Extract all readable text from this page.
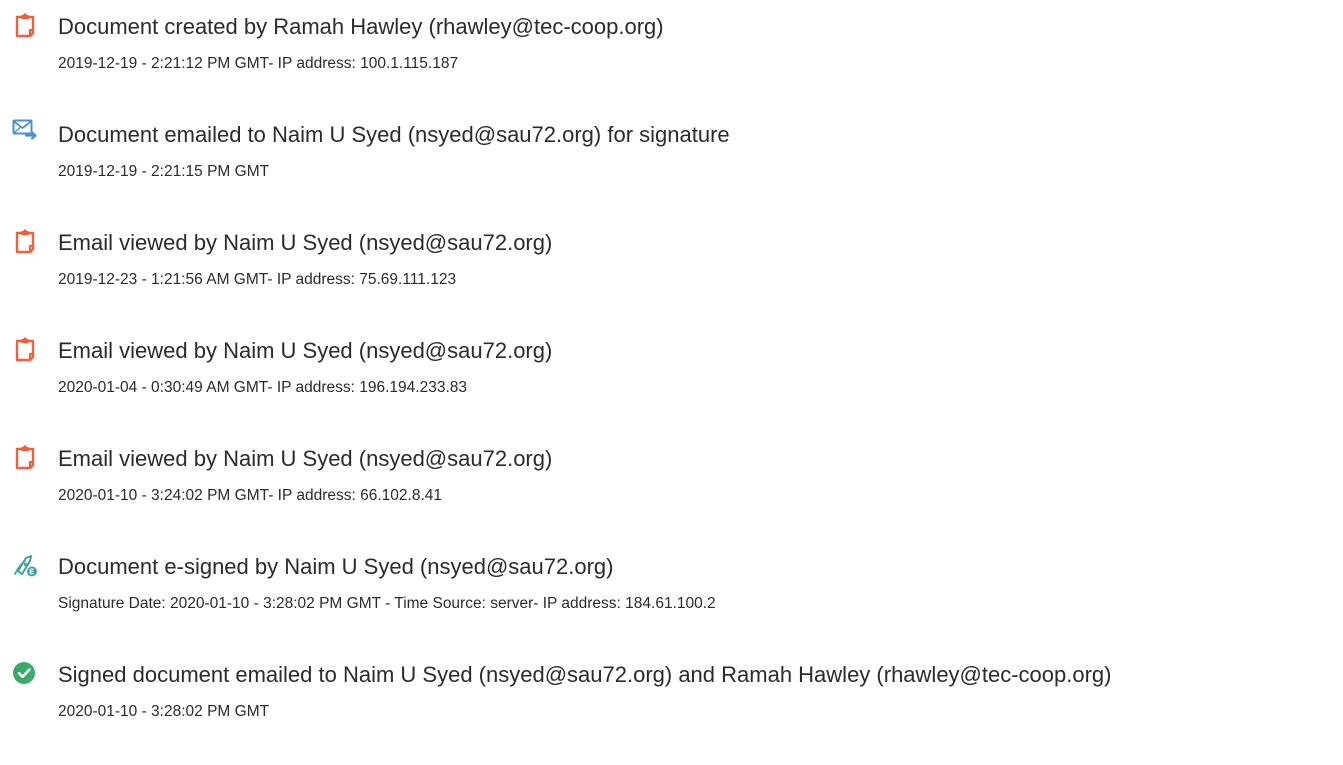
Document created by Ramah Hawley (rhawley@tec-coop.org)
2019-12-19 - 2:21:12 PM GMT- IP address: 100.1.115.187
Document emailed to Naim U Syed (nsyed@sau72.org) for signature
2019-12-19 - 2:21:15 PM GMT
Email viewed by Naim U Syed (nsyed@sau72.org)
2019-12-23 - 1:21:56 AM GMT- IP address: 75.69.111.123
Email viewed by Naim U Syed (nsyed@sau72.org)
2020-01-04 - 0:30:49 AM GMT- IP address: 196.194.233.83
Email viewed by Naim U Syed (nsyed@sau72.org)
2020-01-10 - 3:24:02 PM GMT- IP address: 66.102.8.41
Document e-signed by Naim U Syed (nsyed@sau72.org)
Signature Date: 2020-01-10 - 3:28:02 PM GMT - Time Source: server- IP address: 184.61.100.2
Signed document emailed to Naim U Syed (nsyed@sau72.org) and Ramah Hawley (rhawley@tec-coop.org)
2020-01-10 - 3:28:02 PM GMT
